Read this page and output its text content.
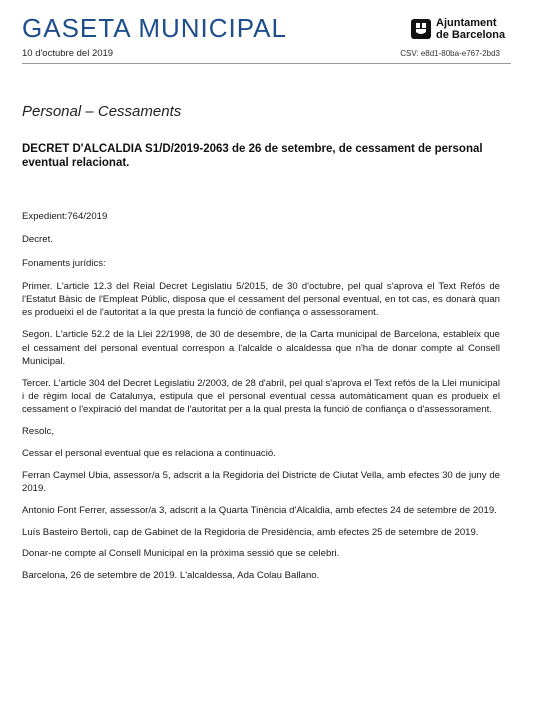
GASETA MUNICIPAL	Ajuntament
de Barcelona
10 d'octubre del 2019	CSV: e8d1-80ba-e767-2bd3
Personal – Cessaments
DECRET D'ALCALDIA S1/D/2019-2063 de 26 de setembre, de cessament de personal eventual relacionat.

Expedient:764/2019

Decret.

Fonaments jurídics:

Primer. L'article 12.3 del Reial Decret Legislatiu 5/2015, de 30 d'octubre, pel qual s'aprova el Text Refós de l'Estatut Bàsic de l'Empleat Públic, disposa que el cessament del personal eventual, en tot cas, es donarà quan es produeixi el de l'autoritat a la que presta la funció de confiança o assessorament.

Segon. L'article 52.2 de la Llei 22/1998, de 30 de desembre, de la Carta municipal de Barcelona, estableix que el cessament del personal eventual correspon a l'alcalde o alcaldessa que n'ha de donar compte al Consell Municipal.

Tercer. L'article 304 del Decret Legislatiu 2/2003, de 28 d'abril, pel qual s'aprova el Text refós de la Llei municipal i de règim local de Catalunya, estipula que el personal eventual cessa automàticament quan es produeix el cessament o l'expiració del mandat de l'autoritat per a la qual presta la funció de confiança o d'assessorament.

Resolc,

Cessar el personal eventual que es relaciona a continuació.

Ferran Caymel Ubia, assessor/a 5, adscrit a la Regidoria del Districte de Ciutat Vella, amb efectes 30 de juny de 2019.

Antonio Font Ferrer, assessor/a 3, adscrit a la Quarta Tinència d'Alcaldia, amb efectes 24 de setembre de 2019.

Luís Basteiro Bertoli, cap de Gabinet de la Regidoria de Presidència, amb efectes 25 de setembre de 2019.

Donar-ne compte al Consell Municipal en la pròxima sessió que se celebri.

Barcelona, 26 de setembre de 2019. L'alcaldessa, Ada Colau Ballano.
